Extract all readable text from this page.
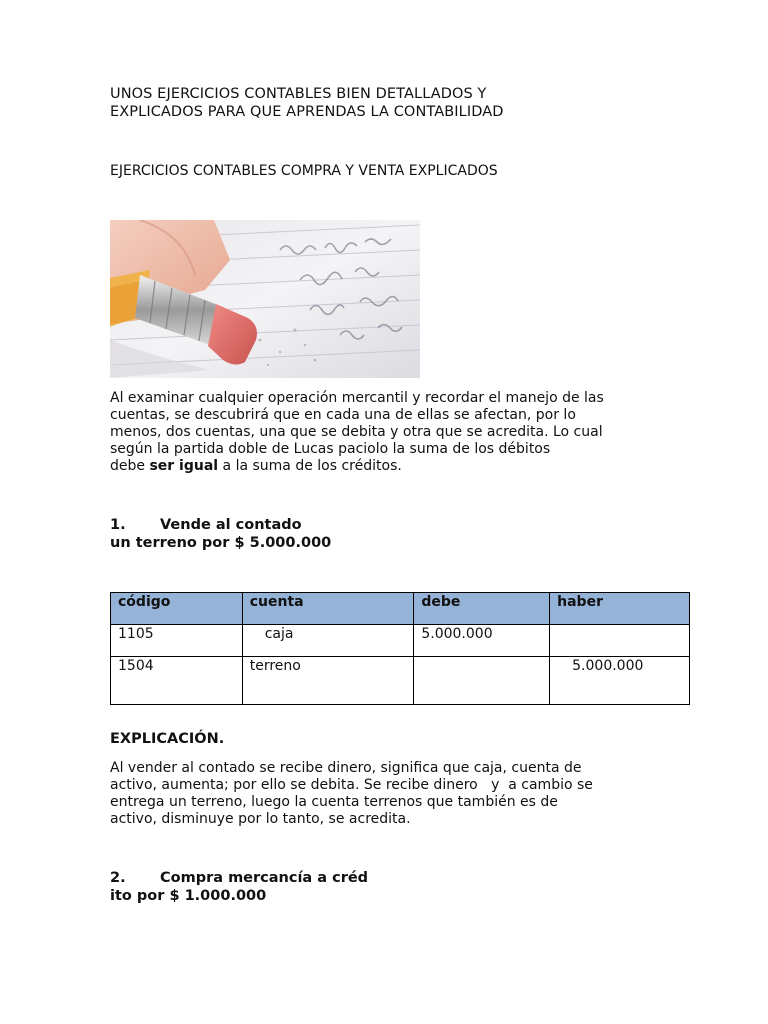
UNOS EJERCICIOS CONTABLES BIEN DETALLADOS Y
EXPLICADOS PARA QUE APRENDAS LA CONTABILIDAD

EJERCICIOS CONTABLES COMPRA Y VENTA EXPLICADOS

Al examinar cualquier operación mercantil y recordar el manejo de las
cuentas, se descubrirá que en cada una de ellas se afectan, por lo
menos, dos cuentas, una que se debita y otra que se acredita. Lo cual
según la partida doble de Lucas paciolo la suma de los débitos
debe ser igual a la suma de los créditos.

1. Vende al contado
un terreno por $ 5.000.000
código	cuenta	debe	haber
1105	caja	5.000.000	
1504	terreno		5.000.000

EXPLICACIÓN.

Al vender al contado se recibe dinero, significa que caja, cuenta de
activo, aumenta; por ello se debita. Se recibe dinero   y  a cambio se
entrega un terreno, luego la cuenta terrenos que también es de
activo, disminuye por lo tanto, se acredita.

2. Compra mercancía a créd
ito por $ 1.000.000
